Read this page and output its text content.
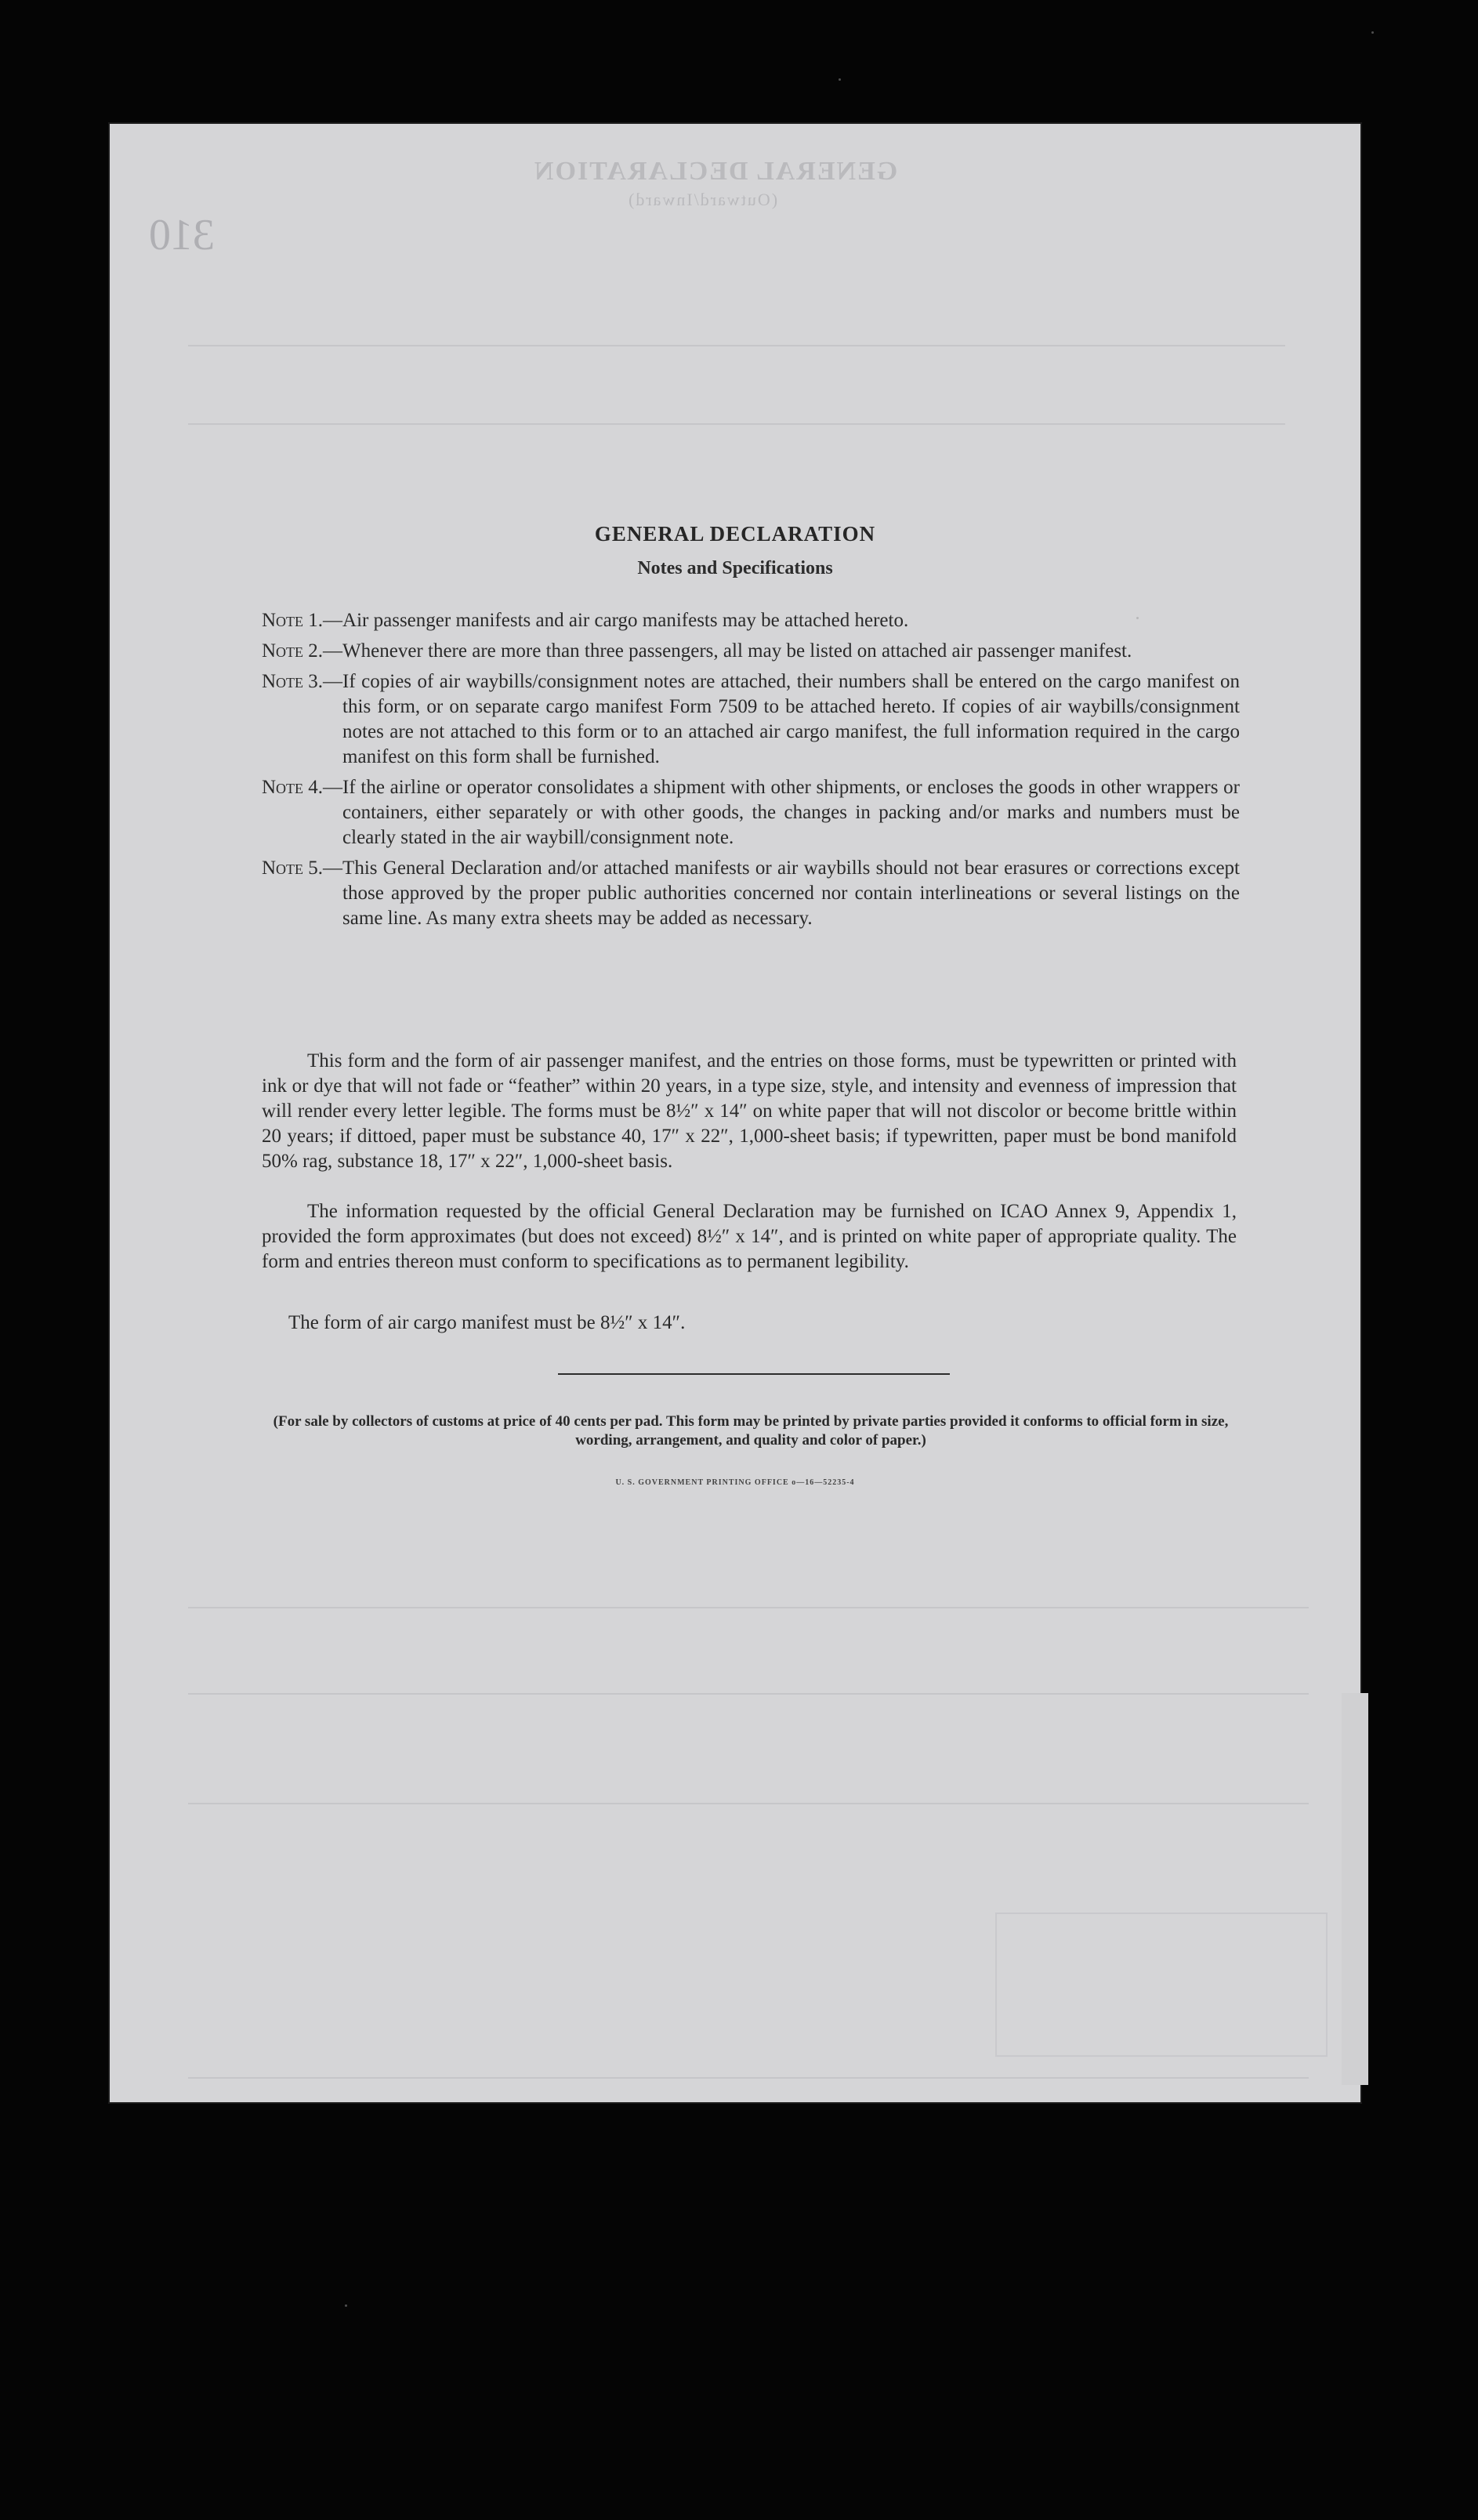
310
GENERAL DECLARATION
(Outward/Inward)
GENERAL DECLARATION
Notes and Specifications
Note 1.— Air passenger manifests and air cargo manifests may be attached hereto.
Note 2.— Whenever there are more than three passengers, all may be listed on attached air passenger manifest.
Note 3.— If copies of air waybills/consignment notes are attached, their numbers shall be entered on the cargo manifest on this form, or on separate cargo manifest Form 7509 to be attached hereto. If copies of air waybills/consignment notes are not attached to this form or to an attached air cargo manifest, the full information required in the cargo manifest on this form shall be furnished.
Note 4.— If the airline or operator consolidates a shipment with other shipments, or encloses the goods in other wrappers or containers, either separately or with other goods, the changes in packing and/or marks and numbers must be clearly stated in the air waybill/consignment note.
Note 5.— This General Declaration and/or attached manifests or air waybills should not bear erasures or corrections except those approved by the proper public authorities concerned nor contain interlineations or several listings on the same line. As many extra sheets may be added as necessary.
This form and the form of air passenger manifest, and the entries on those forms, must be typewritten or printed with ink or dye that will not fade or “feather” within 20 years, in a type size, style, and intensity and evenness of impression that will render every letter legible. The forms must be 8½″ x 14″ on white paper that will not discolor or become brittle within 20 years; if dittoed, paper must be substance 40, 17″ x 22″, 1,000-sheet basis; if typewritten, paper must be bond manifold 50% rag, substance 18, 17″ x 22″, 1,000-sheet basis.
The information requested by the official General Declaration may be furnished on ICAO Annex 9, Appendix 1, provided the form approximates (but does not exceed) 8½″ x 14″, and is printed on white paper of appropriate quality. The form and entries thereon must conform to specifications as to permanent legibility.
The form of air cargo manifest must be 8½″ x 14″.
(For sale by collectors of customs at price of 40 cents per pad. This form may be printed by private parties provided it conforms to official form in size, wording, arrangement, and quality and color of paper.)
U. S. GOVERNMENT PRINTING OFFICE o—16—52235-4
